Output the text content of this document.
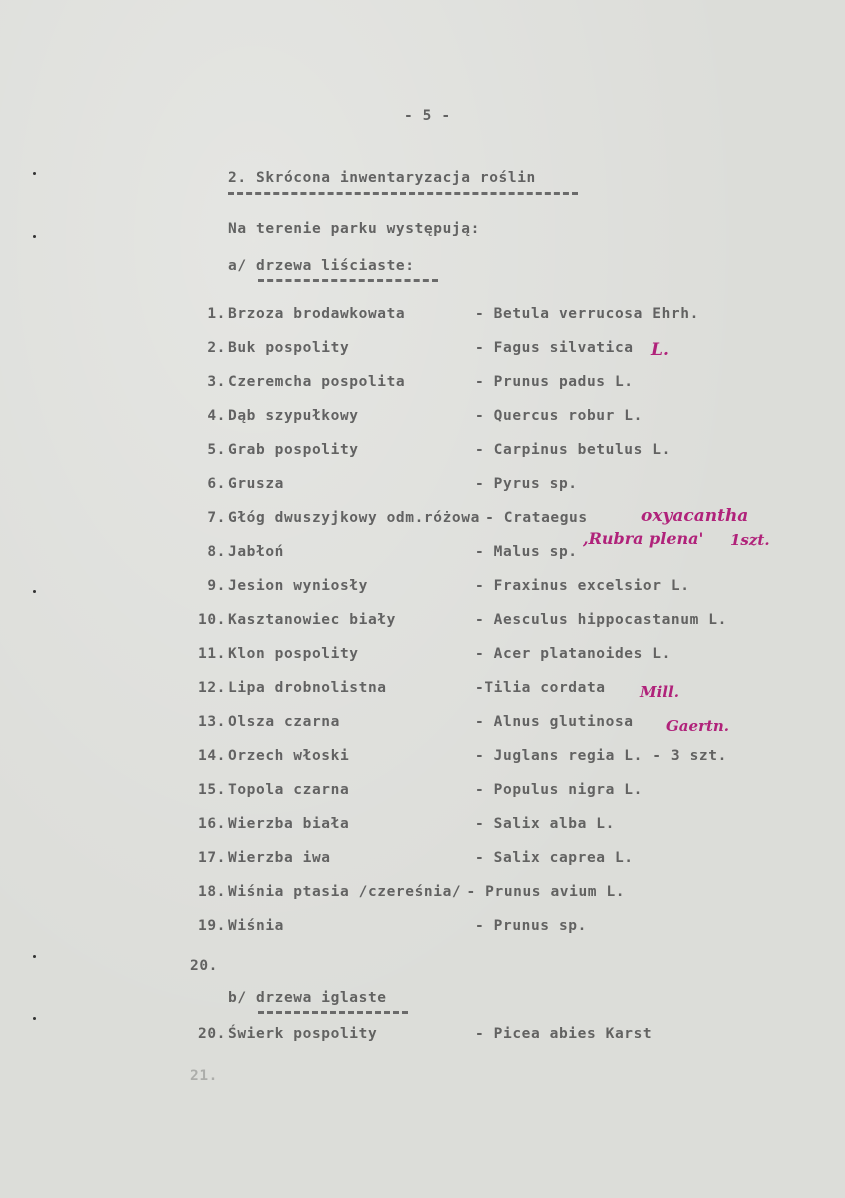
- 5 -
2. Skrócona inwentaryzacja roślin
Na terenie parku występują:
a/ drzewa liściaste:
1. Brzoza brodawkowata	- Betula verrucosa Ehrh.
2. Buk pospolity	- Fagus silvatica
3. Czeremcha pospolita	- Prunus padus L.
4. Dąb szypułkowy	- Quercus robur L.
5. Grab pospolity	- Carpinus betulus L.
6. Grusza	- Pyrus sp.
7. Głóg dwuszyjkowy odm.różowa - Crataegus
8. Jabłoń	- Malus sp.
9. Jesion wyniosły	- Fraxinus excelsior L.
10. Kasztanowiec biały	- Aesculus hippocastanum L.
11. Klon pospolity	- Acer platanoides L.
12. Lipa drobnolistna	-Tilia cordata
13. Olsza czarna	- Alnus glutinosa
14. Orzech włoski	- Juglans regia L. - 3 szt.
15. Topola czarna	- Populus nigra L.
16. Wierzba biała	- Salix alba L.
17. Wierzba iwa	- Salix caprea L.
18. Wiśnia ptasia /czereśnia/ - Prunus avium L.
19. Wiśnia	- Prunus sp.
20.
b/ drzewa iglaste
20. Świerk pospolity	- Picea abies Karst
21.
L.
oxyacantha
,Rubra plena' 1szt.
Mill.
Gaertn.
